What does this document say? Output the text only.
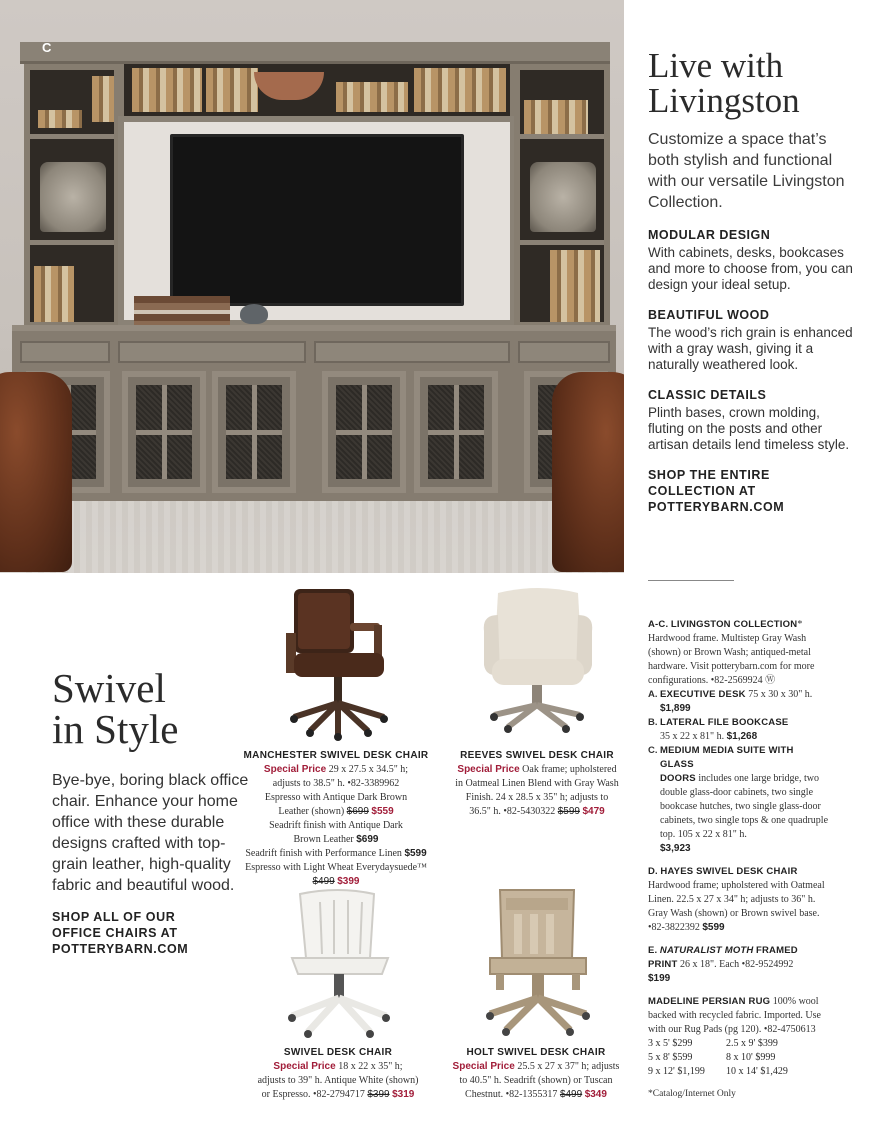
C	Live with
Livingston

Customize a space that’s both stylish and functional with our versatile Livingston Collection.

MODULAR DESIGN

With cabinets, desks, bookcases and more to choose from, you can design your ideal setup.

BEAUTIFUL WOOD

The wood’s rich grain is enhanced with a gray wash, giving it a naturally weathered look.

CLASSIC DETAILS

Plinth bases, crown molding, fluting on the posts and other artisan details lend timeless style.

SHOP THE ENTIRE
COLLECTION AT
POTTERYBARN.COM
Swivel
in Style

Bye-bye, boring black office chair. Enhance your home office with these durable designs crafted with top-grain leather, high-quality fabric and beautiful wood.

SHOP ALL OF OUR
OFFICE CHAIRS AT
POTTERYBARN.COM
MANCHESTER SWIVEL DESK CHAIR
Special Price 29 x 27.5 x 34.5" h;
adjusts to 38.5" h. •82-3389962
Espresso with Antique Dark Brown
Leather (shown) $699 $559
Seadrift finish with Antique Dark
Brown Leather $699
Seadrift finish with Performance Linen $599
Espresso with Light Wheat Everydaysuede™
$499 $399
REEVES SWIVEL DESK CHAIR
Special Price Oak frame; upholstered
in Oatmeal Linen Blend with Gray Wash
Finish. 24 x 28.5 x 35" h; adjusts to
36.5" h. •82-5430322 $599 $479
SWIVEL DESK CHAIR
Special Price 18 x 22 x 35" h;
adjusts to 39" h. Antique White (shown)
or Espresso. •82-2794717 $399 $319
HOLT SWIVEL DESK CHAIR
Special Price 25.5 x 27 x 37" h; adjusts
to 40.5" h. Seadrift (shown) or Tuscan
Chestnut. •82-1355317 $499 $349
A-C. LIVINGSTON COLLECTION*
Hardwood frame. Multistep Gray Wash (shown) or Brown Wash; antiqued-metal hardware. Visit potterybarn.com for more configurations. •82-2569924 Ⓦ
A. EXECUTIVE DESK 75 x 30 x 30" h.
$1,899
B. LATERAL FILE BOOKCASE
35 x 22 x 81" h. $1,268
C. MEDIUM MEDIA SUITE WITH GLASS
DOORS includes one large bridge, two double glass-door cabinets, two single bookcase hutches, two single glass-door cabinets, two single tops & one quadruple top. 105 x 22 x 81" h.
$3,923
D. HAYES SWIVEL DESK CHAIR
Hardwood frame; upholstered with Oatmeal Linen. 22.5 x 27 x 34" h; adjusts to 36" h. Gray Wash (shown) or Brown swivel base. •82-3822392 $599
E. NATURALIST MOTH FRAMED PRINT 26 x 18". Each •82-9524992
$199
MADELINE PERSIAN RUG 100% wool backed with recycled fabric. Imported. Use with our Rug Pads (pg 120). •82-4750613
3 x 5' $299	2.5 x 9' $399
5 x 8' $599	8 x 10' $999
9 x 12' $1,199	10 x 14' $1,429
*Catalog/Internet Only
